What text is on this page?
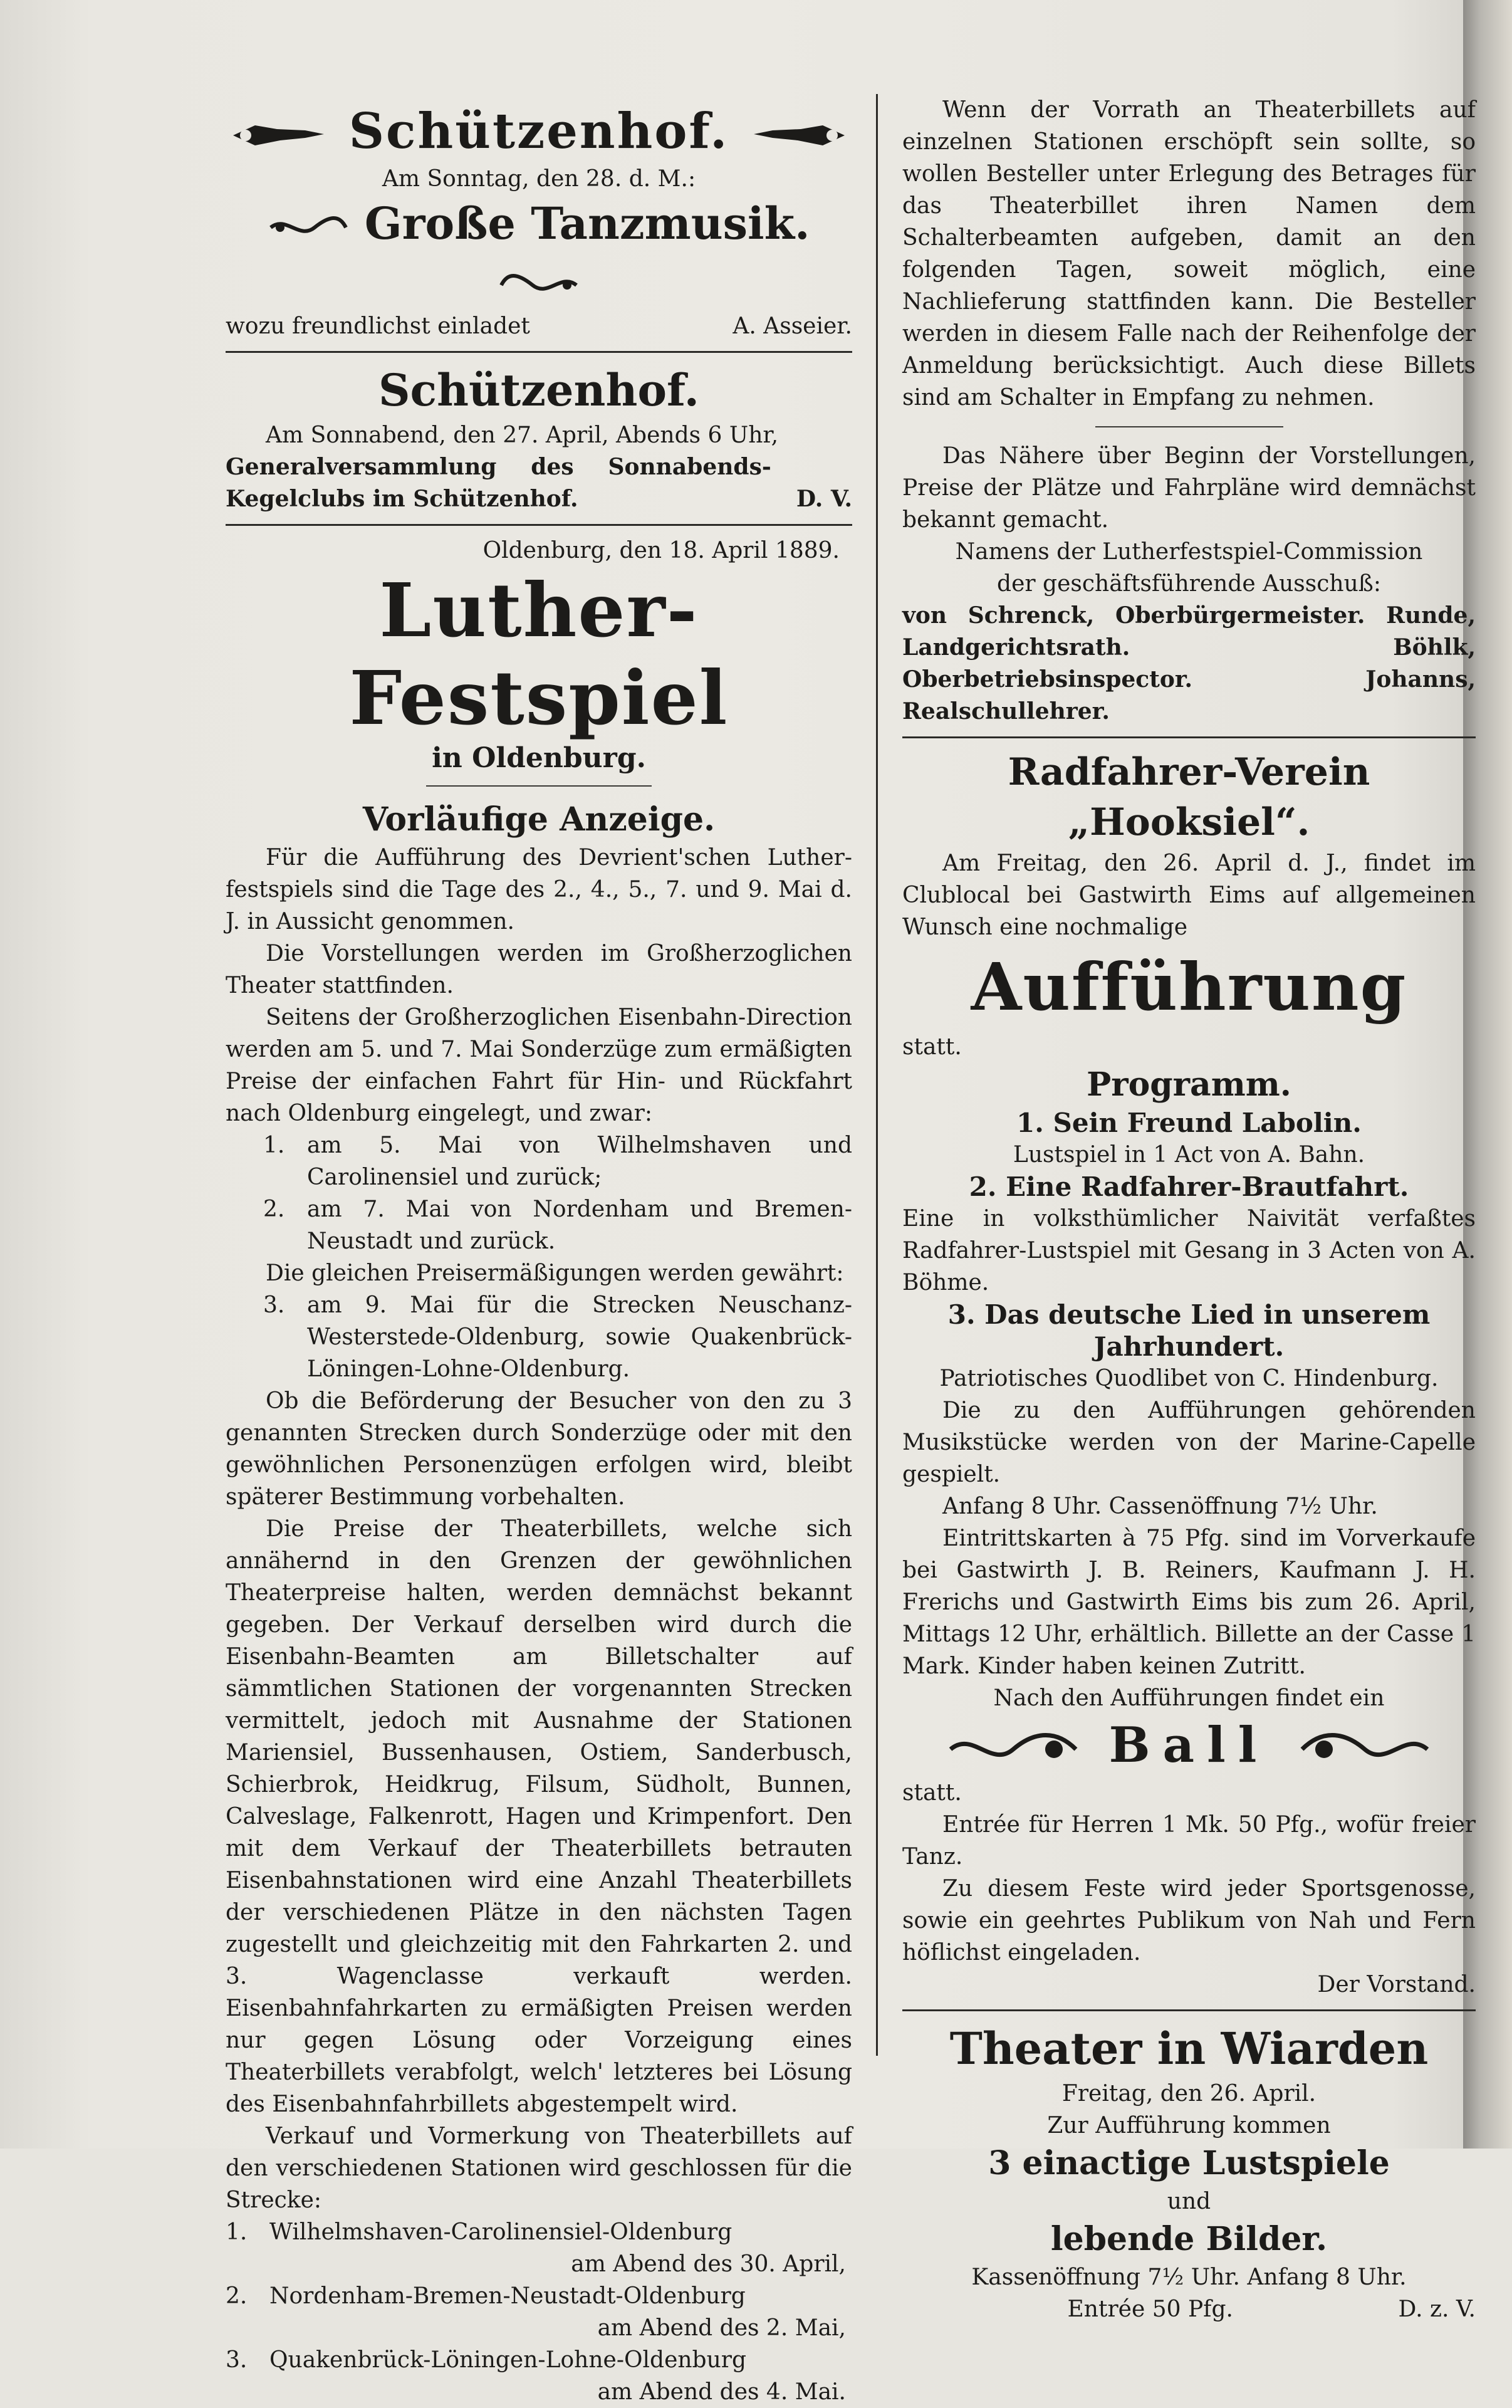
Schützenhof.
Am Sonntag, den 28. d. M.:
Große Tanzmusik.
wozu freundlichst einladet	A. Asseier.
Schützenhof.
Am Sonnabend, den 27. April, Abends 6 Uhr,
Generalversammlung des Sonnabends-Kegelclubs im Schützenhof.	D. V.
Oldenburg, den 18. April 1889.
Luther-Festspiel
in Oldenburg.
Vorläufige Anzeige.
Für die Aufführung des Devrient'schen Luther-festspiels sind die Tage des 2., 4., 5., 7. und 9. Mai d. J. in Aussicht genommen.
Die Vorstellungen werden im Großherzoglichen Theater stattfinden.
Seitens der Großherzoglichen Eisenbahn-Direction werden am 5. und 7. Mai Sonderzüge zum ermäßigten Preise der einfachen Fahrt für Hin- und Rückfahrt nach Oldenburg eingelegt, und zwar:
1. am 5. Mai von Wilhelmshaven und Carolinensiel und zurück;
2. am 7. Mai von Nordenham und Bremen-Neustadt und zurück.
Die gleichen Preisermäßigungen werden gewährt:
3. am 9. Mai für die Strecken Neuschanz-Westerstede-Oldenburg, sowie Quakenbrück-Löningen-Lohne-Oldenburg.
Ob die Beförderung der Besucher von den zu 3 genannten Strecken durch Sonderzüge oder mit den gewöhnlichen Personenzügen erfolgen wird, bleibt späterer Bestimmung vorbehalten.
Die Preise der Theaterbillets, welche sich annähernd in den Grenzen der gewöhnlichen Theaterpreise halten, werden demnächst bekannt gegeben. Der Verkauf derselben wird durch die Eisenbahn-Beamten am Billetschalter auf sämmtlichen Stationen der vorgenannten Strecken vermittelt, jedoch mit Ausnahme der Stationen Mariensiel, Bussenhausen, Ostiem, Sanderbusch, Schierbrok, Heidkrug, Filsum, Südholt, Bunnen, Calveslage, Falkenrott, Hagen und Krimpenfort. Den mit dem Verkauf der Theaterbillets betrauten Eisenbahnstationen wird eine Anzahl Theaterbillets der verschiedenen Plätze in den nächsten Tagen zugestellt und gleichzeitig mit den Fahrkarten 2. und 3. Wagenclasse verkauft werden. Eisenbahnfahrkarten zu ermäßigten Preisen werden nur gegen Lösung oder Vorzeigung eines Theaterbillets verabfolgt, welch' letzteres bei Lösung des Eisenbahnfahrbillets abgestempelt wird.
Verkauf und Vormerkung von Theaterbillets auf den verschiedenen Stationen wird geschlossen für die Strecke:
1. Wilhelmshaven-Carolinensiel-Oldenburg
am Abend des 30. April,
2. Nordenham-Bremen-Neustadt-Oldenburg
am Abend des 2. Mai,
3. Quakenbrück-Löningen-Lohne-Oldenburg
am Abend des 4. Mai.
Wenn der Vorrath an Theaterbillets auf einzelnen Stationen erschöpft sein sollte, so wollen Besteller unter Erlegung des Betrages für das Theaterbillet ihren Namen dem Schalterbeamten aufgeben, damit an den folgenden Tagen, soweit möglich, eine Nachlieferung stattfinden kann. Die Besteller werden in diesem Falle nach der Reihenfolge der Anmeldung berücksichtigt. Auch diese Billets sind am Schalter in Empfang zu nehmen.
Das Nähere über Beginn der Vorstellungen, Preise der Plätze und Fahrpläne wird demnächst bekannt gemacht.
Namens der Lutherfestspiel-Commission
der geschäftsführende Ausschuß:
von Schrenck, Oberbürgermeister. Runde, Landgerichtsrath. Böhlk, Oberbetriebsinspector. Johanns, Realschullehrer.
Radfahrer-Verein „Hooksiel“.
Am Freitag, den 26. April d. J., findet im Clublocal bei Gastwirth Eims auf allgemeinen Wunsch eine nochmalige
Aufführung
statt.
Programm.
1. Sein Freund Labolin.
Lustspiel in 1 Act von A. Bahn.
2. Eine Radfahrer-Brautfahrt.
Eine in volksthümlicher Naivität verfaßtes Radfahrer-Lustspiel mit Gesang in 3 Acten von A. Böhme.
3. Das deutsche Lied in unserem Jahrhundert.
Patriotisches Quodlibet von C. Hindenburg.
Die zu den Aufführungen gehörenden Musikstücke werden von der Marine-Capelle gespielt.
Anfang 8 Uhr. Cassenöffnung 7½ Uhr.
Eintrittskarten à 75 Pfg. sind im Vorverkaufe bei Gastwirth J. B. Reiners, Kaufmann J. H. Frerichs und Gastwirth Eims bis zum 26. April, Mittags 12 Uhr, erhältlich. Billette an der Casse 1 Mark. Kinder haben keinen Zutritt.
Nach den Aufführungen findet ein
Ball
statt.
Entrée für Herren 1 Mk. 50 Pfg., wofür freier Tanz.
Zu diesem Feste wird jeder Sportsgenosse, sowie ein geehrtes Publikum von Nah und Fern höflichst eingeladen.
Der Vorstand.
Theater in Wiarden
Freitag, den 26. April.
Zur Aufführung kommen
3 einactige Lustspiele
und
lebende Bilder.
Kassenöffnung 7½ Uhr. Anfang 8 Uhr.
Entrée 50 Pfg.	D. z. V.
